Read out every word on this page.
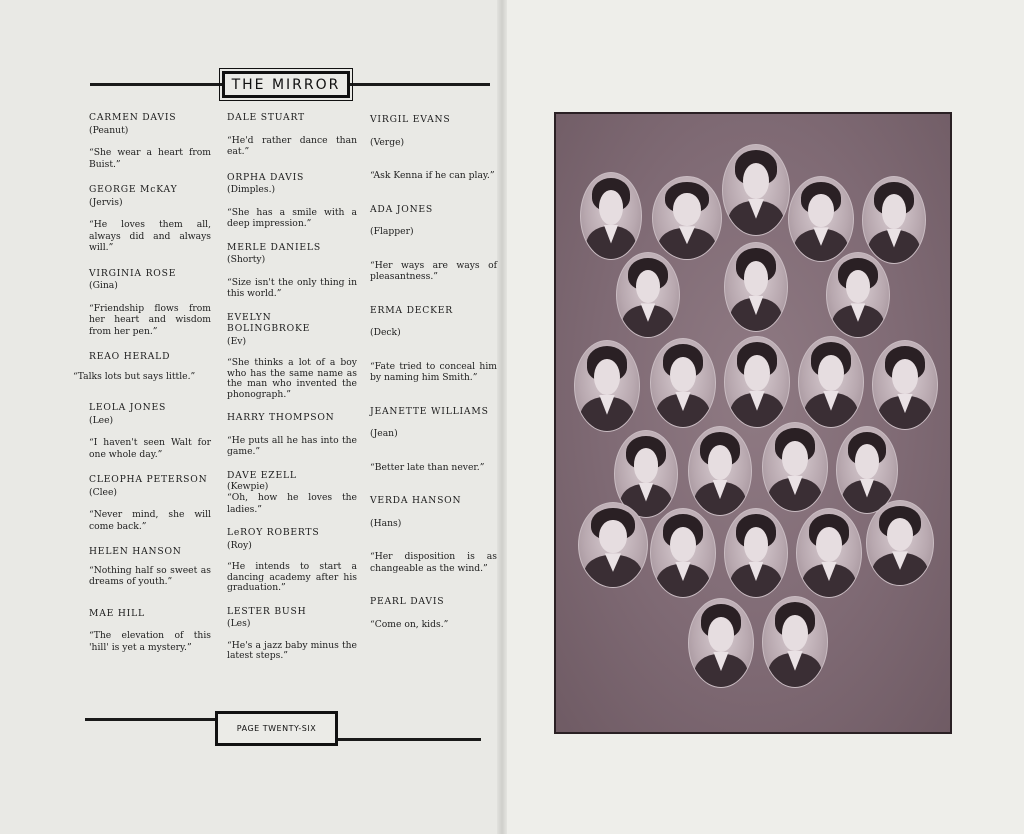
THE MIRROR
CARMEN DAVIS
(Peanut)
“She wear a heart from Buist.”
GEORGE McKAY
(Jervis)
“He loves them all, always did and always will.”
VIRGINIA ROSE
(Gina)
“Friendship flows from her heart and wisdom from her pen.”
REAO HERALD
“Talks lots but says little.”
LEOLA JONES
(Lee)
“I haven't seen Walt for one whole day.”
CLEOPHA PETERSON
(Clee)
“Never mind, she will come back.”
HELEN HANSON
“Nothing half so sweet as dreams of youth.”
MAE HILL
“The elevation of this 'hill' is yet a mystery.”
DALE STUART
“He'd rather dance than eat.”
ORPHA DAVIS
(Dimples.)
“She has a smile with a deep impression.”
MERLE DANIELS
(Shorty)
“Size isn't the only thing in this world.”
EVELYN BOLINGBROKE
(Ev)
“She thinks a lot of a boy who has the same name as the man who invented the phonograph.”
HARRY THOMPSON
“He puts all he has into the game.”
DAVE EZELL
(Kewpie)
“Oh, how he loves the ladies.”
LeROY ROBERTS
(Roy)
“He intends to start a dancing academy after his graduation.”
LESTER BUSH
(Les)
“He's a jazz baby minus the latest steps.”
VIRGIL EVANS
(Verge)
“Ask Kenna if he can play.”
ADA JONES
(Flapper)
“Her ways are ways of pleasantness.”
ERMA DECKER
(Deck)
“Fate tried to conceal him by naming him Smith.”
JEANETTE WILLIAMS
(Jean)
“Better late than never.”
VERDA HANSON
(Hans)
“Her disposition is as changeable as the wind.”
PEARL DAVIS
“Come on, kids.”
PAGE TWENTY-SIX
